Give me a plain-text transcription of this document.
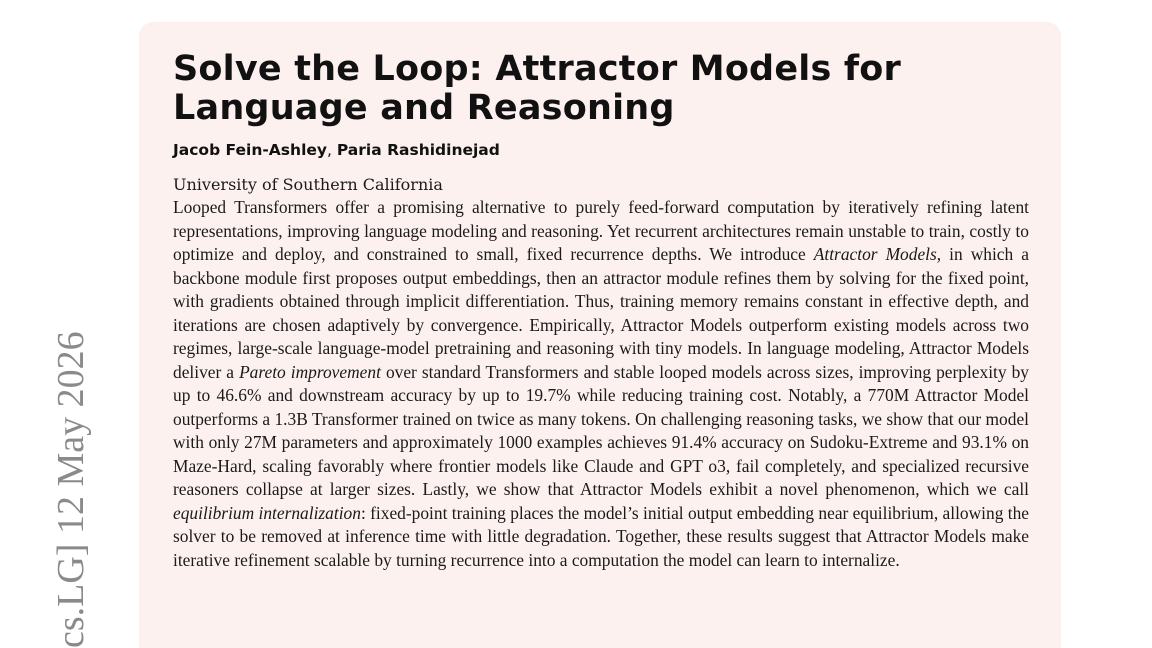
cs.LG] 12 May 2026
Solve the Loop: Attractor Models for Language and Reasoning
Jacob Fein-Ashley, Paria Rashidinejad
University of Southern California
Looped Transformers offer a promising alternative to purely feed-forward computation by iteratively refining latent representations, improving language modeling and reasoning. Yet recurrent architectures remain unstable to train, costly to optimize and deploy, and constrained to small, fixed recurrence depths. We introduce Attractor Models, in which a backbone module first proposes output embeddings, then an attractor module refines them by solving for the fixed point, with gradients obtained through implicit differentiation. Thus, training memory remains constant in effective depth, and iterations are chosen adaptively by convergence. Empirically, Attractor Models outperform existing models across two regimes, large-scale language-model pretraining and reasoning with tiny models. In language modeling, Attractor Models deliver a Pareto improvement over standard Transformers and stable looped models across sizes, improving perplexity by up to 46.6% and downstream accuracy by up to 19.7% while reducing training cost. Notably, a 770M Attractor Model outperforms a 1.3B Transformer trained on twice as many tokens. On challenging reasoning tasks, we show that our model with only 27M parameters and approximately 1000 examples achieves 91.4% accuracy on Sudoku-Extreme and 93.1% on Maze-Hard, scaling favorably where frontier models like Claude and GPT o3, fail completely, and specialized recursive reasoners collapse at larger sizes. Lastly, we show that Attractor Models exhibit a novel phenomenon, which we call equilibrium internalization: fixed-point training places the model’s initial output embedding near equilibrium, allowing the solver to be removed at inference time with little degradation. Together, these results suggest that Attractor Models make iterative refinement scalable by turning recurrence into a computation the model can learn to internalize.
